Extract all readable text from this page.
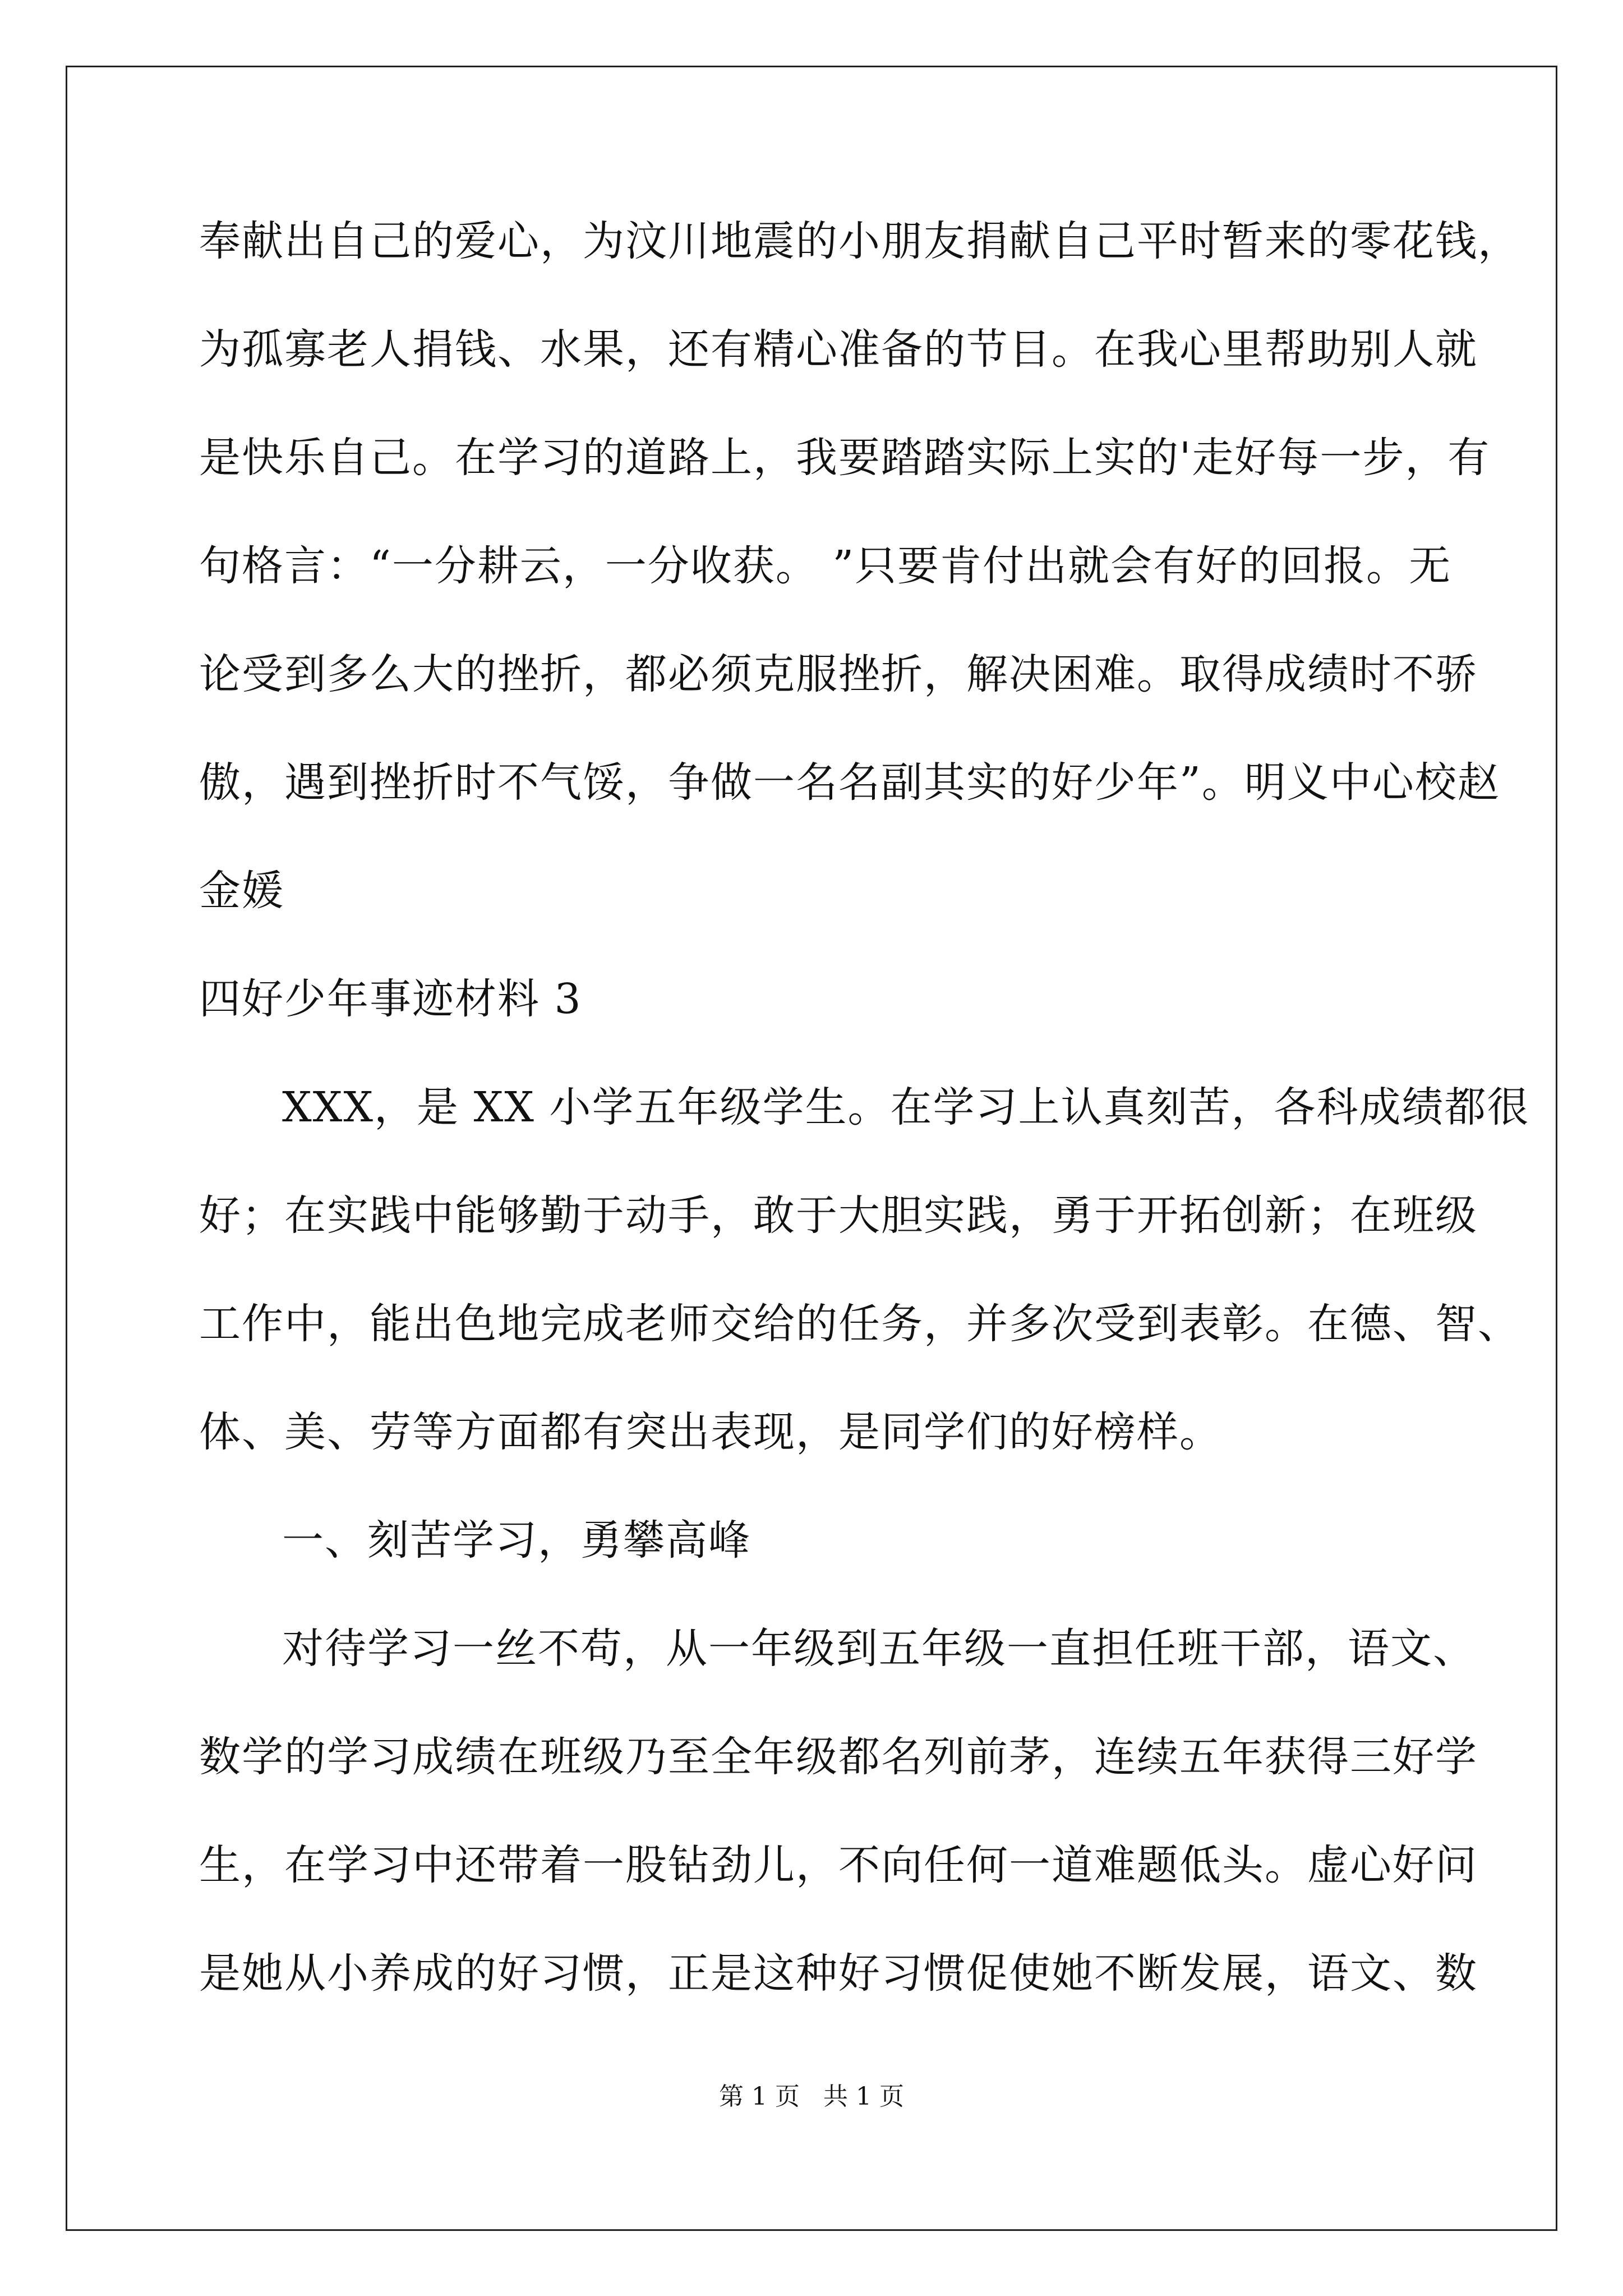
奉献出自己的爱心，为汶川地震的小朋友捐献自己平时暂来的零花钱，
为孤寡老人捐钱、水果，还有精心准备的节目。在我心里帮助别人就
是快乐自己。在学习的道路上，我要踏踏实际上实的'走好每一步，有
句格言：“一分耕云，一分收获。 ”只要肯付出就会有好的回报。无
论受到多么大的挫折，都必须克服挫折，解决困难。取得成绩时不骄
傲，遇到挫折时不气馁，争做一名名副其实的好少年”。明义中心校赵
金媛
四好少年事迹材料 3
XXX，是 XX 小学五年级学生。在学习上认真刻苦，各科成绩都很
好；在实践中能够勤于动手，敢于大胆实践，勇于开拓创新；在班级
工作中，能出色地完成老师交给的任务，并多次受到表彰。在德、智、
体、美、劳等方面都有突出表现，是同学们的好榜样。
一、刻苦学习，勇攀高峰
对待学习一丝不苟，从一年级到五年级一直担任班干部，语文、
数学的学习成绩在班级乃至全年级都名列前茅，连续五年获得三好学
生，在学习中还带着一股钻劲儿，不向任何一道难题低头。虚心好问
是她从小养成的好习惯，正是这种好习惯促使她不断发展，语文、数
第 1 页 共 1 页
